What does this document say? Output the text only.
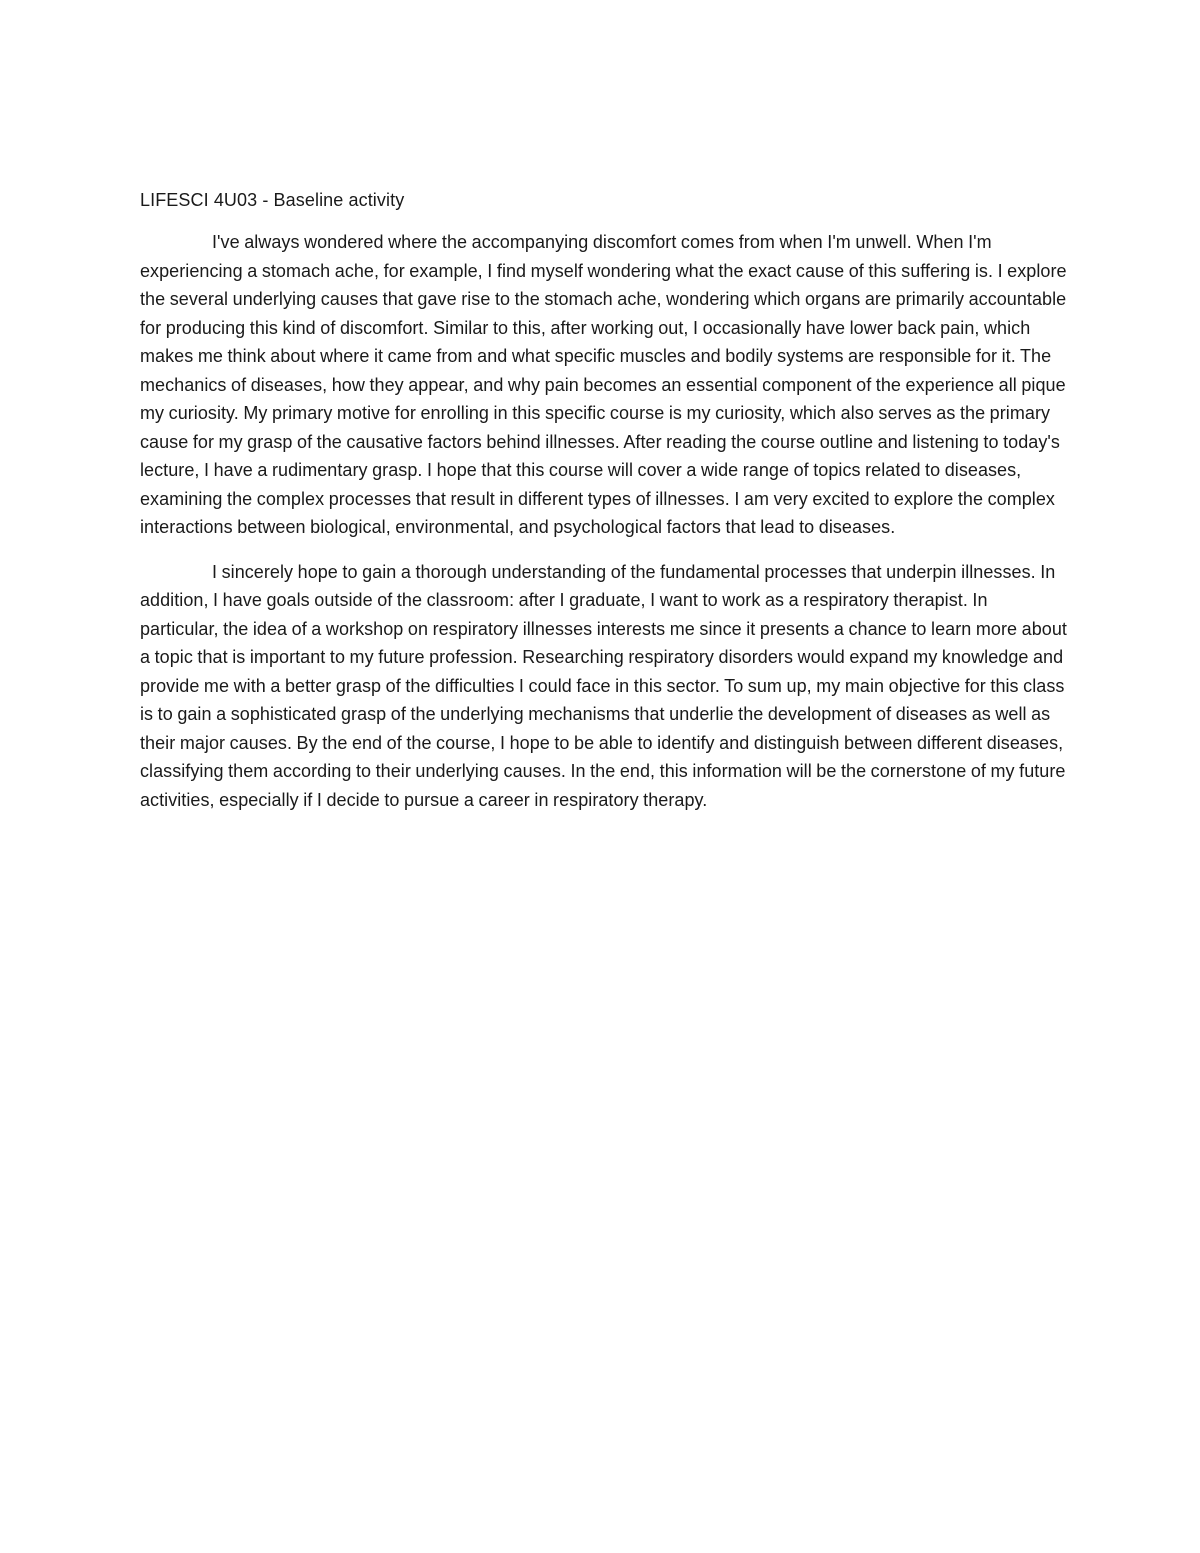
LIFESCI 4U03 - Baseline activity

I've always wondered where the accompanying discomfort comes from when I'm unwell. When I'm experiencing a stomach ache, for example, I find myself wondering what the exact cause of this suffering is. I explore the several underlying causes that gave rise to the stomach ache, wondering which organs are primarily accountable for producing this kind of discomfort. Similar to this, after working out, I occasionally have lower back pain, which makes me think about where it came from and what specific muscles and bodily systems are responsible for it. The mechanics of diseases, how they appear, and why pain becomes an essential component of the experience all pique my curiosity. My primary motive for enrolling in this specific course is my curiosity, which also serves as the primary cause for my grasp of the causative factors behind illnesses. After reading the course outline and listening to today's lecture, I have a rudimentary grasp. I hope that this course will cover a wide range of topics related to diseases, examining the complex processes that result in different types of illnesses. I am very excited to explore the complex interactions between biological, environmental, and psychological factors that lead to diseases.

I sincerely hope to gain a thorough understanding of the fundamental processes that underpin illnesses. In addition, I have goals outside of the classroom: after I graduate, I want to work as a respiratory therapist. In particular, the idea of a workshop on respiratory illnesses interests me since it presents a chance to learn more about a topic that is important to my future profession. Researching respiratory disorders would expand my knowledge and provide me with a better grasp of the difficulties I could face in this sector. To sum up, my main objective for this class is to gain a sophisticated grasp of the underlying mechanisms that underlie the development of diseases as well as their major causes. By the end of the course, I hope to be able to identify and distinguish between different diseases, classifying them according to their underlying causes. In the end, this information will be the cornerstone of my future activities, especially if I decide to pursue a career in respiratory therapy.
